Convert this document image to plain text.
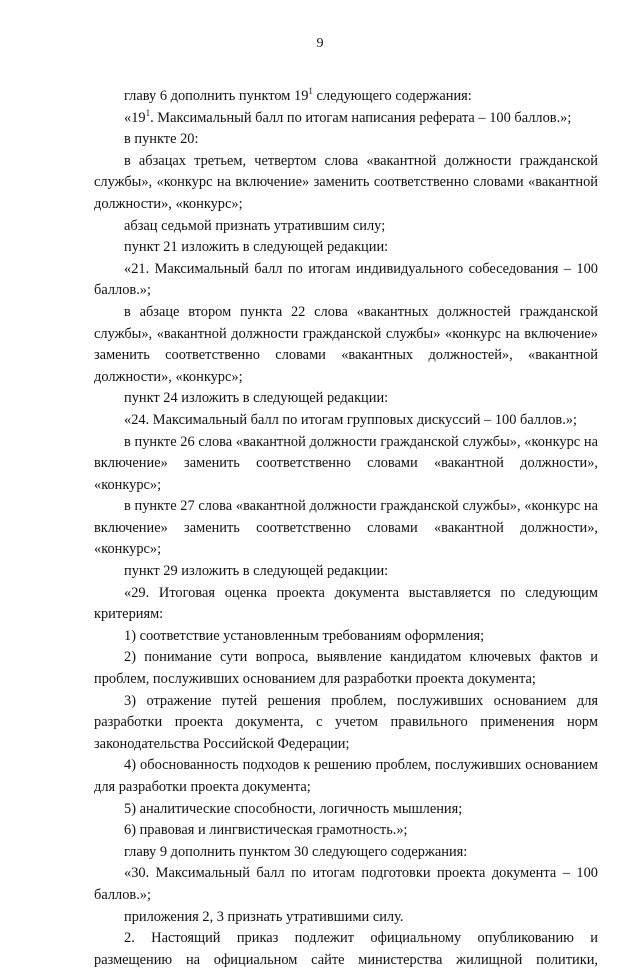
9

главу 6 дополнить пунктом $19^1$ следующего содержания:

«$19^1$. Максимальный балл по итогам написания реферата – 100 баллов.»;

в пункте 20:

в абзацах третьем, четвертом слова «вакантной должности гражданской службы», «конкурс на включение» заменить соответственно словами «вакантной должности», «конкурс»;

абзац седьмой признать утратившим силу;

пункт 21 изложить в следующей редакции:

«21. Максимальный балл по итогам индивидуального собеседования – 100 баллов.»;

в абзаце втором пункта 22 слова «вакантных должностей гражданской службы», «вакантной должности гражданской службы» «конкурс на включение» заменить соответственно словами «вакантных должностей», «вакантной должности», «конкурс»;

пункт 24 изложить в следующей редакции:

«24. Максимальный балл по итогам групповых дискуссий – 100 баллов.»;

в пункте 26 слова «вакантной должности гражданской службы», «конкурс на включение» заменить соответственно словами «вакантной должности», «конкурс»;

в пункте 27 слова «вакантной должности гражданской службы», «конкурс на включение» заменить соответственно словами «вакантной должности», «конкурс»;

пункт 29 изложить в следующей редакции:

«29. Итоговая оценка проекта документа выставляется по следующим критериям:

1) соответствие установленным требованиям оформления;

2) понимание сути вопроса, выявление кандидатом ключевых фактов и проблем, послуживших основанием для разработки проекта документа;

3) отражение путей решения проблем, послуживших основанием для разработки проекта документа, с учетом правильного применения норм законодательства Российской Федерации;

4) обоснованность подходов к решению проблем, послуживших основанием для разработки проекта документа;

5) аналитические способности, логичность мышления;

6) правовая и лингвистическая грамотность.»;

главу 9 дополнить пунктом 30 следующего содержания:

«30. Максимальный балл по итогам подготовки проекта документа – 100 баллов.»;

приложения 2, 3 признать утратившими силу.

2. Настоящий приказ подлежит официальному опубликованию и размещению на официальном сайте министерства жилищной политики,
